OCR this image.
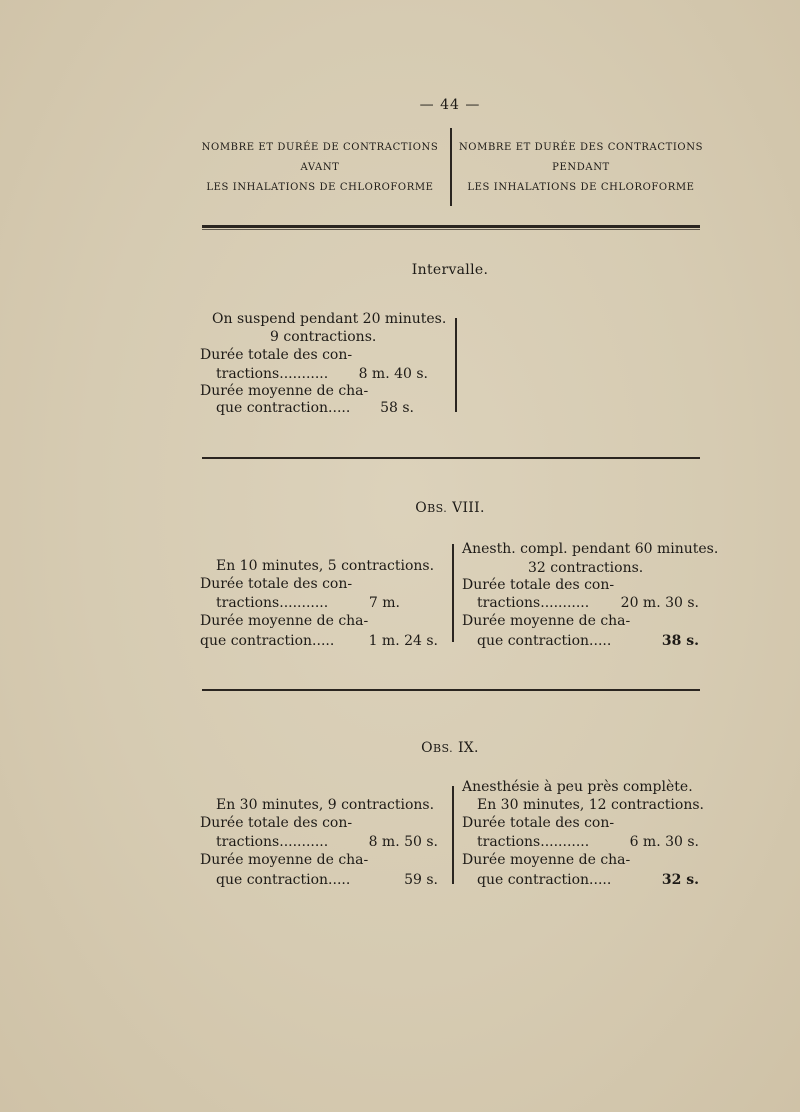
— 44 —
NOMBRE ET DURÉE DE CONTRACTIONS
AVANT
LES INHALATIONS DE CHLOROFORME
NOMBRE ET DURÉE DES CONTRACTIONS
PENDANT
LES INHALATIONS DE CHLOROFORME
Intervalle.
On suspend pendant 20 minutes.
9 contractions.
Durée totale des con-
tractions........... 8 m. 40 s.
Durée moyenne de cha-
que contraction..... 58 s.
OBS. VIII.
En 10 minutes, 5 contractions.
Durée totale des con-
tractions...........	7 m.
Durée moyenne de cha-
que contraction..... 1 m. 24 s.
Anesth. compl. pendant 60 minutes.
32 contractions.
Durée totale des con-
tractions........... 20 m. 30 s.
Durée moyenne de cha-
que contraction.....	38 s.
OBS. IX.
En 30 minutes, 9 contractions.
Durée totale des con-
tractions...........	8 m. 50 s.
Durée moyenne de cha-
que contraction.....	59 s.
Anesthésie à peu près complète.
En 30 minutes, 12 contractions.
Durée totale des con-
tractions...........	6 m. 30 s.
Durée moyenne de cha-
que contraction.....	32 s.
